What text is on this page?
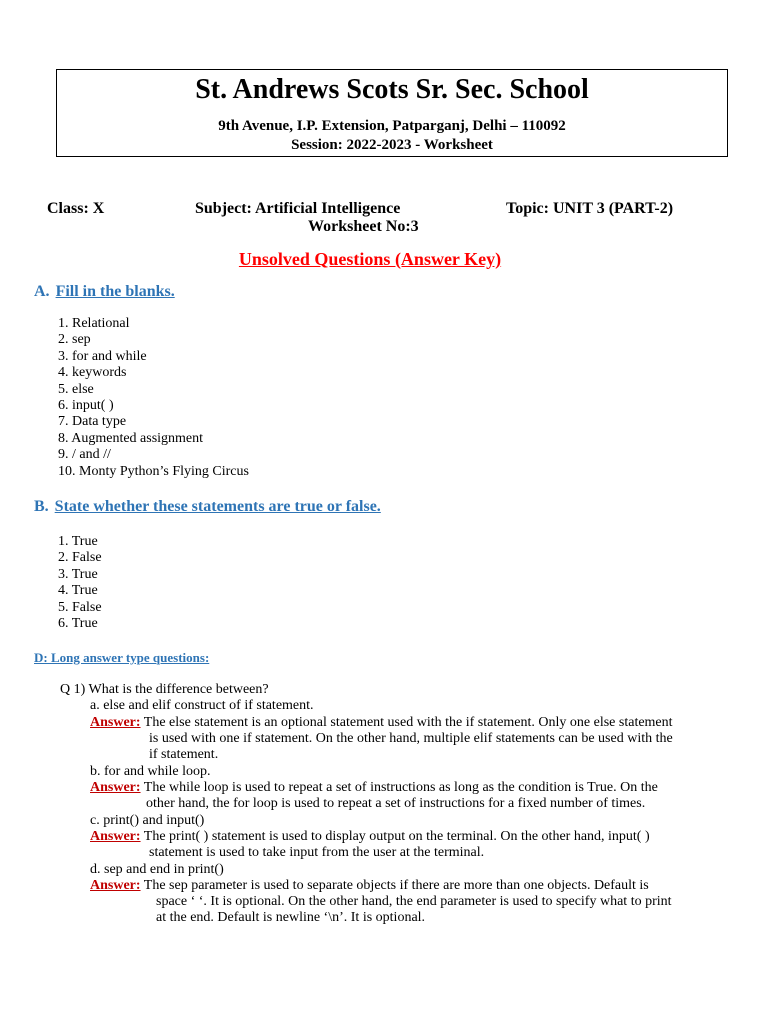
St. Andrews Scots Sr. Sec. School
9th Avenue, I.P. Extension, Patparganj, Delhi – 110092
Session: 2022-2023 - Worksheet
Class: X	Subject: Artificial Intelligence	Topic: UNIT 3 (PART-2)
Worksheet No:3
Unsolved Questions (Answer Key)
A. Fill in the blanks.
1. Relational
2. sep
3. for and while
4. keywords
5. else
6. input( )
7. Data type
8. Augmented assignment
9. / and //
10. Monty Python’s Flying Circus
B. State whether these statements are true or false.
1. True
2. False
3. True
4. True
5. False
6. True
D: Long answer type questions:
Q 1) What is the difference between?
a. else and elif construct of if statement.
Answer: The else statement is an optional statement used with the if statement. Only one else statement
is used with one if statement. On the other hand, multiple elif statements can be used with the
if statement.
b. for and while loop.
Answer: The while loop is used to repeat a set of instructions as long as the condition is True. On the
other hand, the for loop is used to repeat a set of instructions for a fixed number of times.
c. print() and input()
Answer: The print( ) statement is used to display output on the terminal. On the other hand, input( )
statement is used to take input from the user at the terminal.
d. sep and end in print()
Answer: The sep parameter is used to separate objects if there are more than one objects. Default is
space ‘ ‘. It is optional. On the other hand, the end parameter is used to specify what to print
at the end. Default is newline ‘\n’. It is optional.
